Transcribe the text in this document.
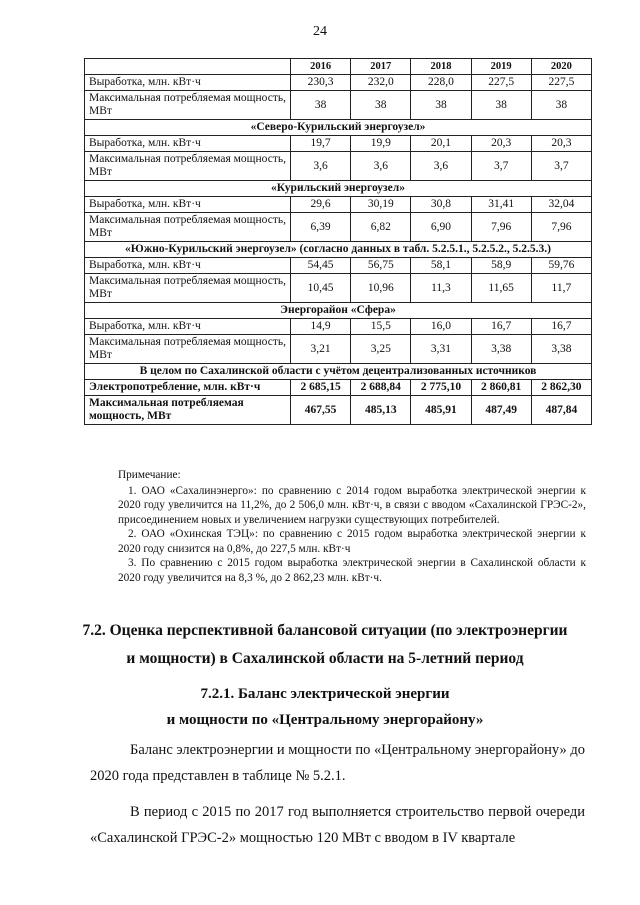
24
	2016	2017	2018	2019	2020
Выработка, млн. кВт·ч	230,3	232,0	228,0	227,5	227,5
Максимальная потребляемая мощность, МВт	38	38	38	38	38
«Северо-Курильский энергоузел»					
Выработка, млн. кВт·ч	19,7	19,9	20,1	20,3	20,3
Максимальная потребляемая мощность, МВт	3,6	3,6	3,6	3,7	3,7
«Курильский энергоузел»					
Выработка, млн. кВт·ч	29,6	30,19	30,8	31,41	32,04
Максимальная потребляемая мощность, МВт	6,39	6,82	6,90	7,96	7,96
«Южно-Курильский энергоузел» (согласно данных в табл. 5.2.5.1., 5.2.5.2., 5.2.5.3.)					
Выработка, млн. кВт·ч	54,45	56,75	58,1	58,9	59,76
Максимальная потребляемая мощность, МВт	10,45	10,96	11,3	11,65	11,7
Энергорайон «Сфера»					
Выработка, млн. кВт·ч	14,9	15,5	16,0	16,7	16,7
Максимальная потребляемая мощность, МВт	3,21	3,25	3,31	3,38	3,38
В целом по Сахалинской области с учётом децентрализованных источников					
Электропотребление, млн. кВт·ч	2 685,15	2 688,84	2 775,10	2 860,81	2 862,30
Максимальная потребляемая мощность, МВт	467,55	485,13	485,91	487,49	487,84

Примечание:

1. ОАО «Сахалинэнерго»: по сравнению с 2014 годом выработка электрической энергии к 2020 году увеличится на 11,2%, до 2 506,0 млн. кВт·ч, в связи с вводом «Сахалинской ГРЭС-2», присоединением новых и увеличением нагрузки существующих потребителей.

2. ОАО «Охинская ТЭЦ»: по сравнению с 2015 годом выработка электрической энергии к 2020 году снизится на 0,8%, до 227,5 млн. кВт·ч

3. По сравнению с 2015 годом выработка электрической энергии в Сахалинской области к 2020 году увеличится на 8,3 %, до 2 862,23 млн. кВт·ч.

7.2. Оценка перспективной балансовой ситуации (по электроэнергии
и мощности) в Сахалинской области на 5-летний период
7.2.1. Баланс электрической энергии
и мощности по «Центральному энергорайону»

Баланс электроэнергии и мощности по «Центральному энергорайону» до 2020 года представлен в таблице № 5.2.1.

В период с 2015 по 2017 год выполняется строительство первой очереди «Сахалинской ГРЭС-2» мощностью 120 МВт с вводом в IV квартале
